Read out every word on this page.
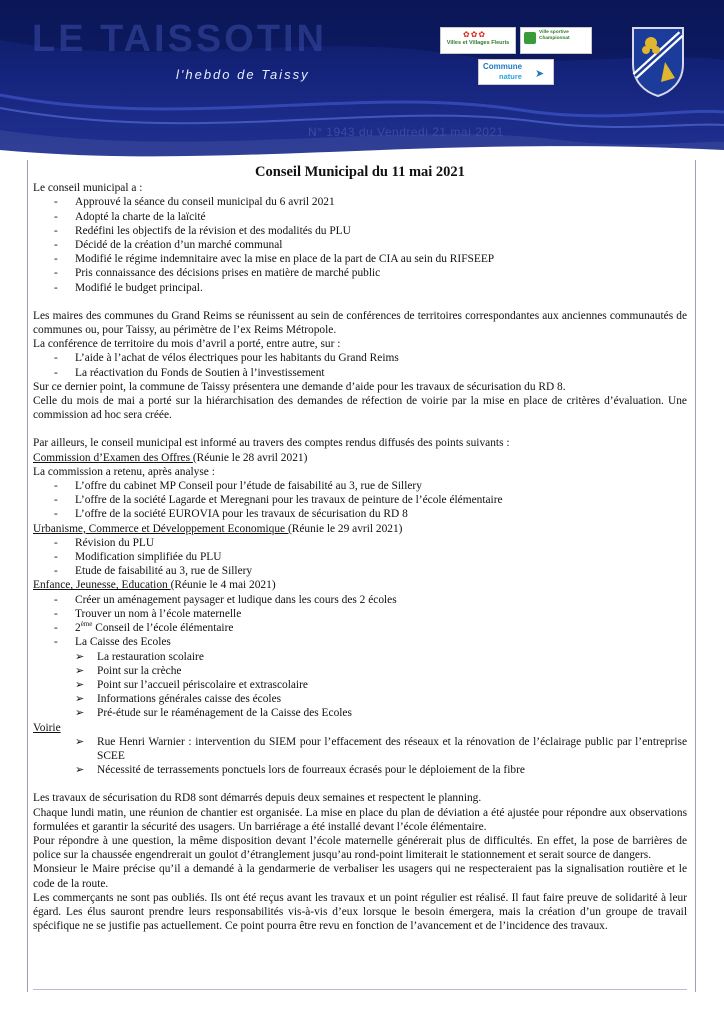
LE TAISSOTIN
l'hebdo de Taissy
N° 1943 du Vendredi 21 mai 2021
✿✿✿
Villes et Villages Fleuris
Ville sportive Championnat
Commune
nature ➤
Conseil Municipal du 11 mai 2021

Le conseil municipal a :

- Approuvé la séance du conseil municipal du 6 avril 2021
- Adopté la charte de la laïcité
- Redéfini les objectifs de la révision et des modalités du PLU
- Décidé de la création d’un marché communal
- Modifié le régime indemnitaire avec la mise en place de la part de CIA au sein du RIFSEEP
- Pris connaissance des décisions prises en matière de marché public
- Modifié le budget principal.

Les maires des communes du Grand Reims se réunissent au sein de conférences de territoires correspondantes aux anciennes communautés de communes ou, pour Taissy, au périmètre de l’ex Reims Métropole.

La conférence de territoire du mois d’avril a porté, entre autre, sur :

- L’aide à l’achat de vélos électriques pour les habitants du Grand Reims
- La réactivation du Fonds de Soutien à l’investissement

Sur ce dernier point, la commune de Taissy présentera une demande d’aide pour les travaux de sécurisation du RD 8.

Celle du mois de mai a porté sur la hiérarchisation des demandes de réfection de voirie par la mise en place de critères d’évaluation. Une commission ad hoc sera créée.

Par ailleurs, le conseil municipal est informé au travers des comptes rendus diffusés des points suivants :

Commission d’Examen des Offres (Réunie le 28 avril 2021)

La commission a retenu, après analyse :

- L’offre du cabinet MP Conseil pour l’étude de faisabilité au 3, rue de Sillery
- L’offre de la société Lagarde et Meregnani pour les travaux de peinture de l’école élémentaire
- L’offre de la société EUROVIA pour les travaux de sécurisation du RD 8

Urbanisme, Commerce et Développement Economique (Réunie le 29 avril 2021)

- Révision du PLU
- Modification simplifiée du PLU
- Etude de faisabilité au 3, rue de Sillery

Enfance, Jeunesse, Education (Réunie le 4 mai 2021)

- Créer un aménagement paysager et ludique dans les cours des 2 écoles
- Trouver un nom à l’école maternelle
- 2ème Conseil de l’école élémentaire
- La Caisse des Ecoles
➢ La restauration scolaire
➢ Point sur la crèche
➢ Point sur l’accueil périscolaire et extrascolaire
➢ Informations générales caisse des écoles
➢ Pré-étude sur le réaménagement de la Caisse des Ecoles

Voirie

➢ Rue Henri Warnier : intervention du SIEM pour l’effacement des réseaux et la rénovation de l’éclairage public par l’entreprise SCEE
➢ Nécessité de terrassements ponctuels lors de fourreaux écrasés pour le déploiement de la fibre

Les travaux de sécurisation du RD8 sont démarrés depuis deux semaines et respectent le planning.

Chaque lundi matin, une réunion de chantier est organisée. La mise en place du plan de déviation a été ajustée pour répondre aux observations formulées et garantir la sécurité des usagers. Un barriérage a été installé devant l’école élémentaire.

Pour répondre à une question, la même disposition devant l’école maternelle générerait plus de difficultés. En effet, la pose de barrières de police sur la chaussée engendrerait un goulot d’étranglement jusqu’au rond-point limiterait le stationnement et serait source de dangers.

Monsieur le Maire précise qu’il a demandé à la gendarmerie de verbaliser les usagers qui ne respecteraient pas la signalisation routière et le code de la route.

Les commerçants ne sont pas oubliés. Ils ont été reçus avant les travaux et un point régulier est réalisé. Il faut faire preuve de solidarité à leur égard. Les élus sauront prendre leurs responsabilités vis-à-vis d’eux lorsque le besoin émergera, mais la création d’un groupe de travail spécifique ne se justifie pas actuellement. Ce point pourra être revu en fonction de l’avancement et de l’incidence des travaux.
